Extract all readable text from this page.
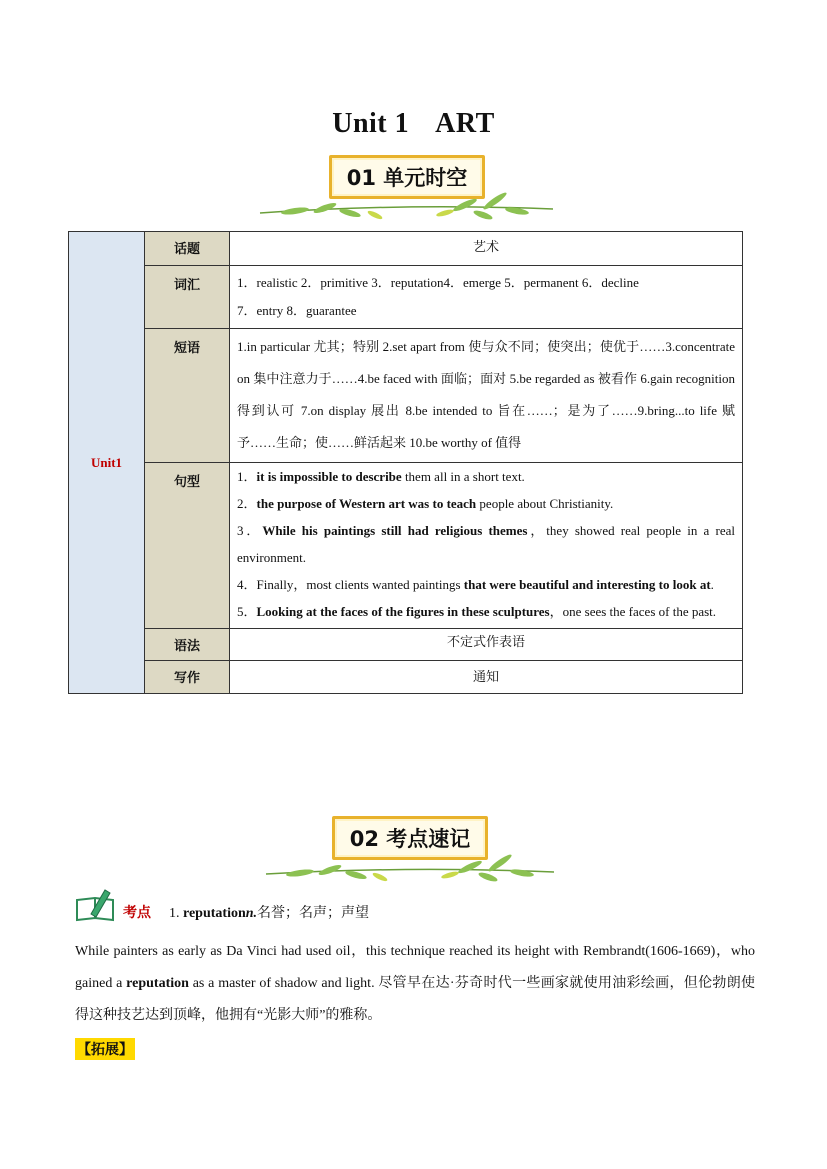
Unit 1 ART
01 单元时空
Unit1	话题	艺术
	词汇	1．realistic 2．primitive 3．reputation4．emerge 5．permanent 6．decline
7．entry 8．guarantee

	短语	1.in particular 尤其；特别 2.set apart from 使与众不同；使突出；使优于……3.concentrate on 集中注意力于……4.be faced with 面临；面对 5.be regarded as 被看作 6.gain recognition 得到认可 7.on display 展出 8.be intended to 旨在……；是为了……9.bring...to life 赋予……生命；使……鲜活起来 10.be worthy of 值得
	句型	1．it is impossible to describe them all in a short text.
2．the purpose of Western art was to teach people about Christianity.
3．While his paintings still had religious themes，they showed real people in a real environment.
4．Finally，most clients wanted paintings that were beautiful and interesting to look at.
5．Looking at the faces of the figures in these sculptures，one sees the faces of the past.

	语法	不定式作表语
	写作	通知
02 考点速记
考点 1. reputationn.名誉；名声；声望
While painters as early as Da Vinci had used oil，this technique reached its height with Rembrandt(1606-1669)，who gained a reputation as a master of shadow and light. 尽管早在达·芬奇时代一些画家就使用油彩绘画，但伦勃朗使得这种技艺达到顶峰，他拥有“光影大师”的雅称。
【拓展】
